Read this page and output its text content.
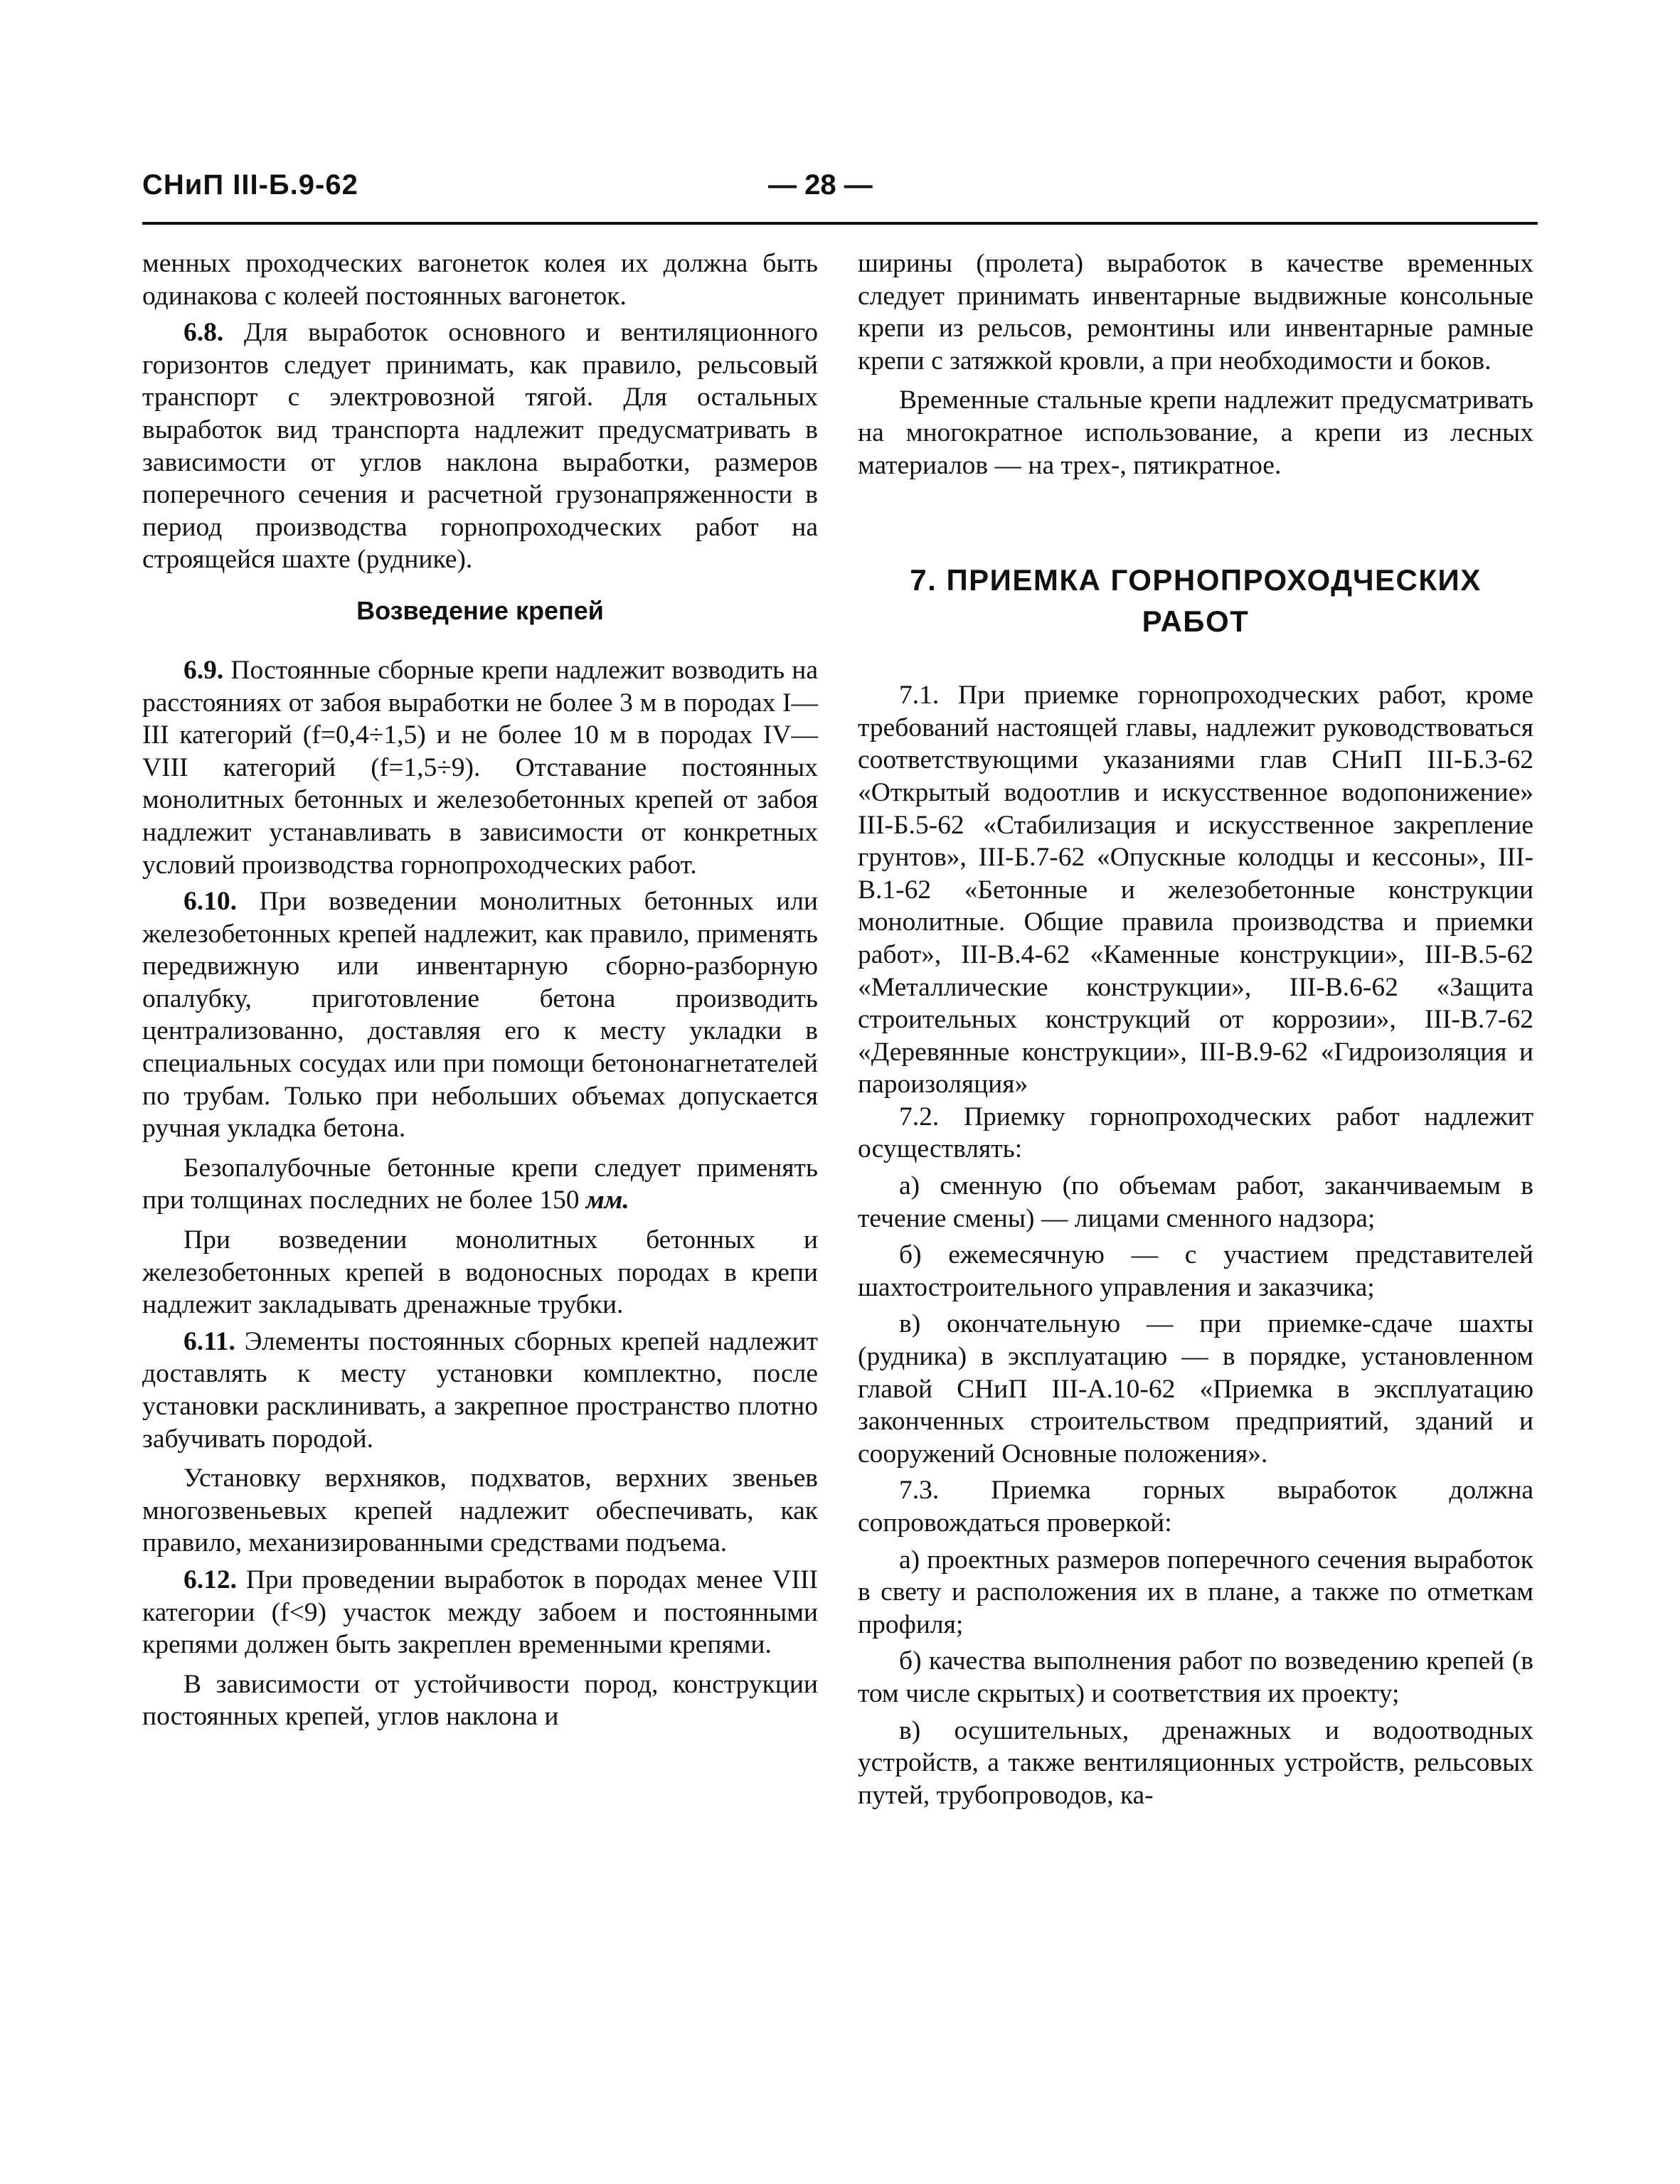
СНиП III-Б.9-62	— 28 —

менных проходческих вагонеток колея их должна быть одинакова с колеей постоянных вагонеток.

6.8. Для выработок основного и вентиляционного горизонтов следует принимать, как правило, рельсовый транспорт с электровозной тягой. Для остальных выработок вид транспорта надлежит предусматривать в зависимости от углов наклона выработки, размеров поперечного сечения и расчетной грузонапряженности в период производства горнопроходческих работ на строящейся шахте (руднике).

Возведение крепей

6.9. Постоянные сборные крепи надлежит возводить на расстояниях от забоя выработки не более 3 м в породах I—III категорий (f=0,4÷1,5) и не более 10 м в породах IV—VIII категорий (f=1,5÷9). Отставание постоянных монолитных бетонных и железобетонных крепей от забоя надлежит устанавливать в зависимости от конкретных условий производства горнопроходческих работ.

6.10. При возведении монолитных бетонных или железобетонных крепей надлежит, как правило, применять передвижную или инвентарную сборно-разборную опалубку, приготовление бетона производить централизованно, доставляя его к месту укладки в специальных сосудах или при помощи бетононагнетателей по трубам. Только при небольших объемах допускается ручная укладка бетона.

Безопалубочные бетонные крепи следует применять при толщинах последних не более 150 мм.

При возведении монолитных бетонных и железобетонных крепей в водоносных породах в крепи надлежит закладывать дренажные трубки.

6.11. Элементы постоянных сборных крепей надлежит доставлять к месту установки комплектно, после установки расклинивать, а закрепное пространство плотно забучивать породой.

Установку верхняков, подхватов, верхних звеньев многозвеньевых крепей надлежит обеспечивать, как правило, механизированными средствами подъема.

6.12. При проведении выработок в породах менее VIII категории (f<9) участок между забоем и постоянными крепями должен быть закреплен временными крепями.

В зависимости от устойчивости пород, конструкции постоянных крепей, углов наклона и

ширины (пролета) выработок в качестве временных следует принимать инвентарные выдвижные консольные крепи из рельсов, ремонтины или инвентарные рамные крепи с затяжкой кровли, а при необходимости и боков.

Временные стальные крепи надлежит предусматривать на многократное использование, а крепи из лесных материалов — на трех-, пятикратное.

7. ПРИЕМКА ГОРНОПРОХОДЧЕСКИХ
РАБОТ

7.1. При приемке горнопроходческих работ, кроме требований настоящей главы, надлежит руководствоваться соответствующими указаниями глав СНиП III-Б.3-62 «Открытый водоотлив и искусственное водопонижение» III-Б.5-62 «Стабилизация и искусственное закрепление грунтов», III-Б.7-62 «Опускные колодцы и кессоны», III-В.1-62 «Бетонные и железобетонные конструкции монолитные. Общие правила производства и приемки работ», III-В.4-62 «Каменные конструкции», III-В.5-62 «Металлические конструкции», III-В.6-62 «Защита строительных конструкций от коррозии», III-В.7-62 «Деревянные конструкции», III-В.9-62 «Гидроизоляция и пароизоляция»

7.2. Приемку горнопроходческих работ надлежит осуществлять:

а) сменную (по объемам работ, заканчиваемым в течение смены) — лицами сменного надзора;

б) ежемесячную — с участием представителей шахтостроительного управления и заказчика;

в) окончательную — при приемке-сдаче шахты (рудника) в эксплуатацию — в порядке, установленном главой СНиП III-А.10-62 «Приемка в эксплуатацию законченных строительством предприятий, зданий и сооружений Основные положения».

7.3. Приемка горных выработок должна сопровождаться проверкой:

а) проектных размеров поперечного сечения выработок в свету и расположения их в плане, а также по отметкам профиля;

б) качества выполнения работ по возведению крепей (в том числе скрытых) и соответствия их проекту;

в) осушительных, дренажных и водоотводных устройств, а также вентиляционных устройств, рельсовых путей, трубопроводов, ка-
